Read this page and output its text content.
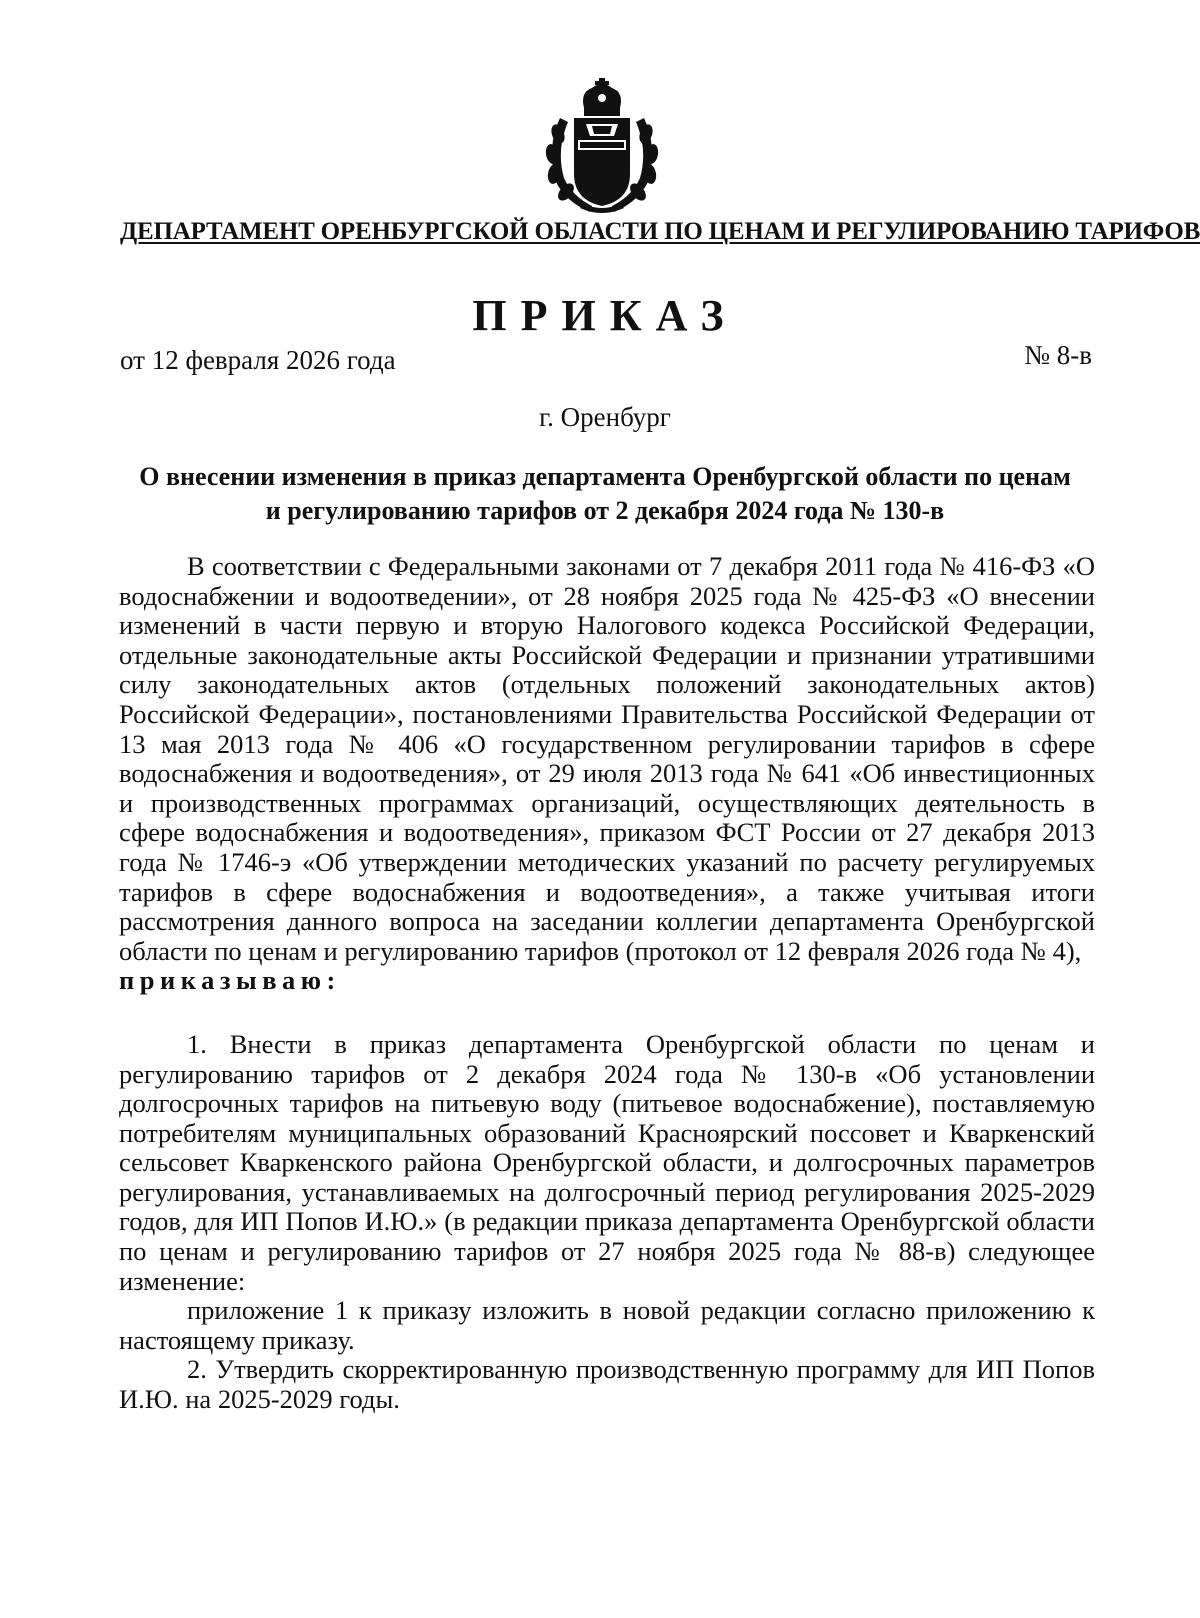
ДЕПАРТАМЕНТ ОРЕНБУРГСКОЙ ОБЛАСТИ ПО ЦЕНАМ И РЕГУЛИРОВАНИЮ ТАРИФОВ
ПРИКАЗ
от 12 февраля 2026 года	№ 8-в
г. Оренбург
О внесении изменения в приказ департамента Оренбургской области по ценам
и регулированию тарифов от 2 декабря 2024 года № 130-в

В соответствии с Федеральными законами от 7 декабря 2011 года № 416-ФЗ «О водоснабжении и водоотведении», от 28 ноября 2025 года № 425-ФЗ «О внесении изменений в части первую и вторую Налогового кодекса Российской Федерации, отдельные законодательные акты Российской Федерации и признании утратившими силу законодательных актов (отдельных положений законодательных актов) Российской Федерации», постановлениями Правительства Российской Федерации от 13 мая 2013 года № 406 «О государственном регулировании тарифов в сфере водоснабжения и водоотведения», от 29 июля 2013 года № 641 «Об инвестиционных и производственных программах организаций, осуществляющих деятельность в сфере водоснабжения и водоотведения», приказом ФСТ России от 27 декабря 2013 года № 1746-э «Об утверждении методических указаний по расчету регулируемых тарифов в сфере водоснабжения и водоотведения», а также учитывая итоги рассмотрения данного вопроса на заседании коллегии департамента Оренбургской области по ценам и регулированию тарифов (протокол от 12 февраля 2026 года № 4),

приказываю:

1. Внести в приказ департамента Оренбургской области по ценам и регулированию тарифов от 2 декабря 2024 года № 130-в «Об установлении долгосрочных тарифов на питьевую воду (питьевое водоснабжение), поставляемую потребителям муниципальных образований Красноярский поссовет и Кваркенский сельсовет Кваркенского района Оренбургской области, и долгосрочных параметров регулирования, устанавливаемых на долгосрочный период регулирования 2025-2029 годов, для ИП Попов И.Ю.» (в редакции приказа департамента Оренбургской области по ценам и регулированию тарифов от 27 ноября 2025 года № 88-в) следующее изменение:

приложение 1 к приказу изложить в новой редакции согласно приложению к настоящему приказу.

2. Утвердить скорректированную производственную программу для ИП Попов И.Ю. на 2025-2029 годы.
